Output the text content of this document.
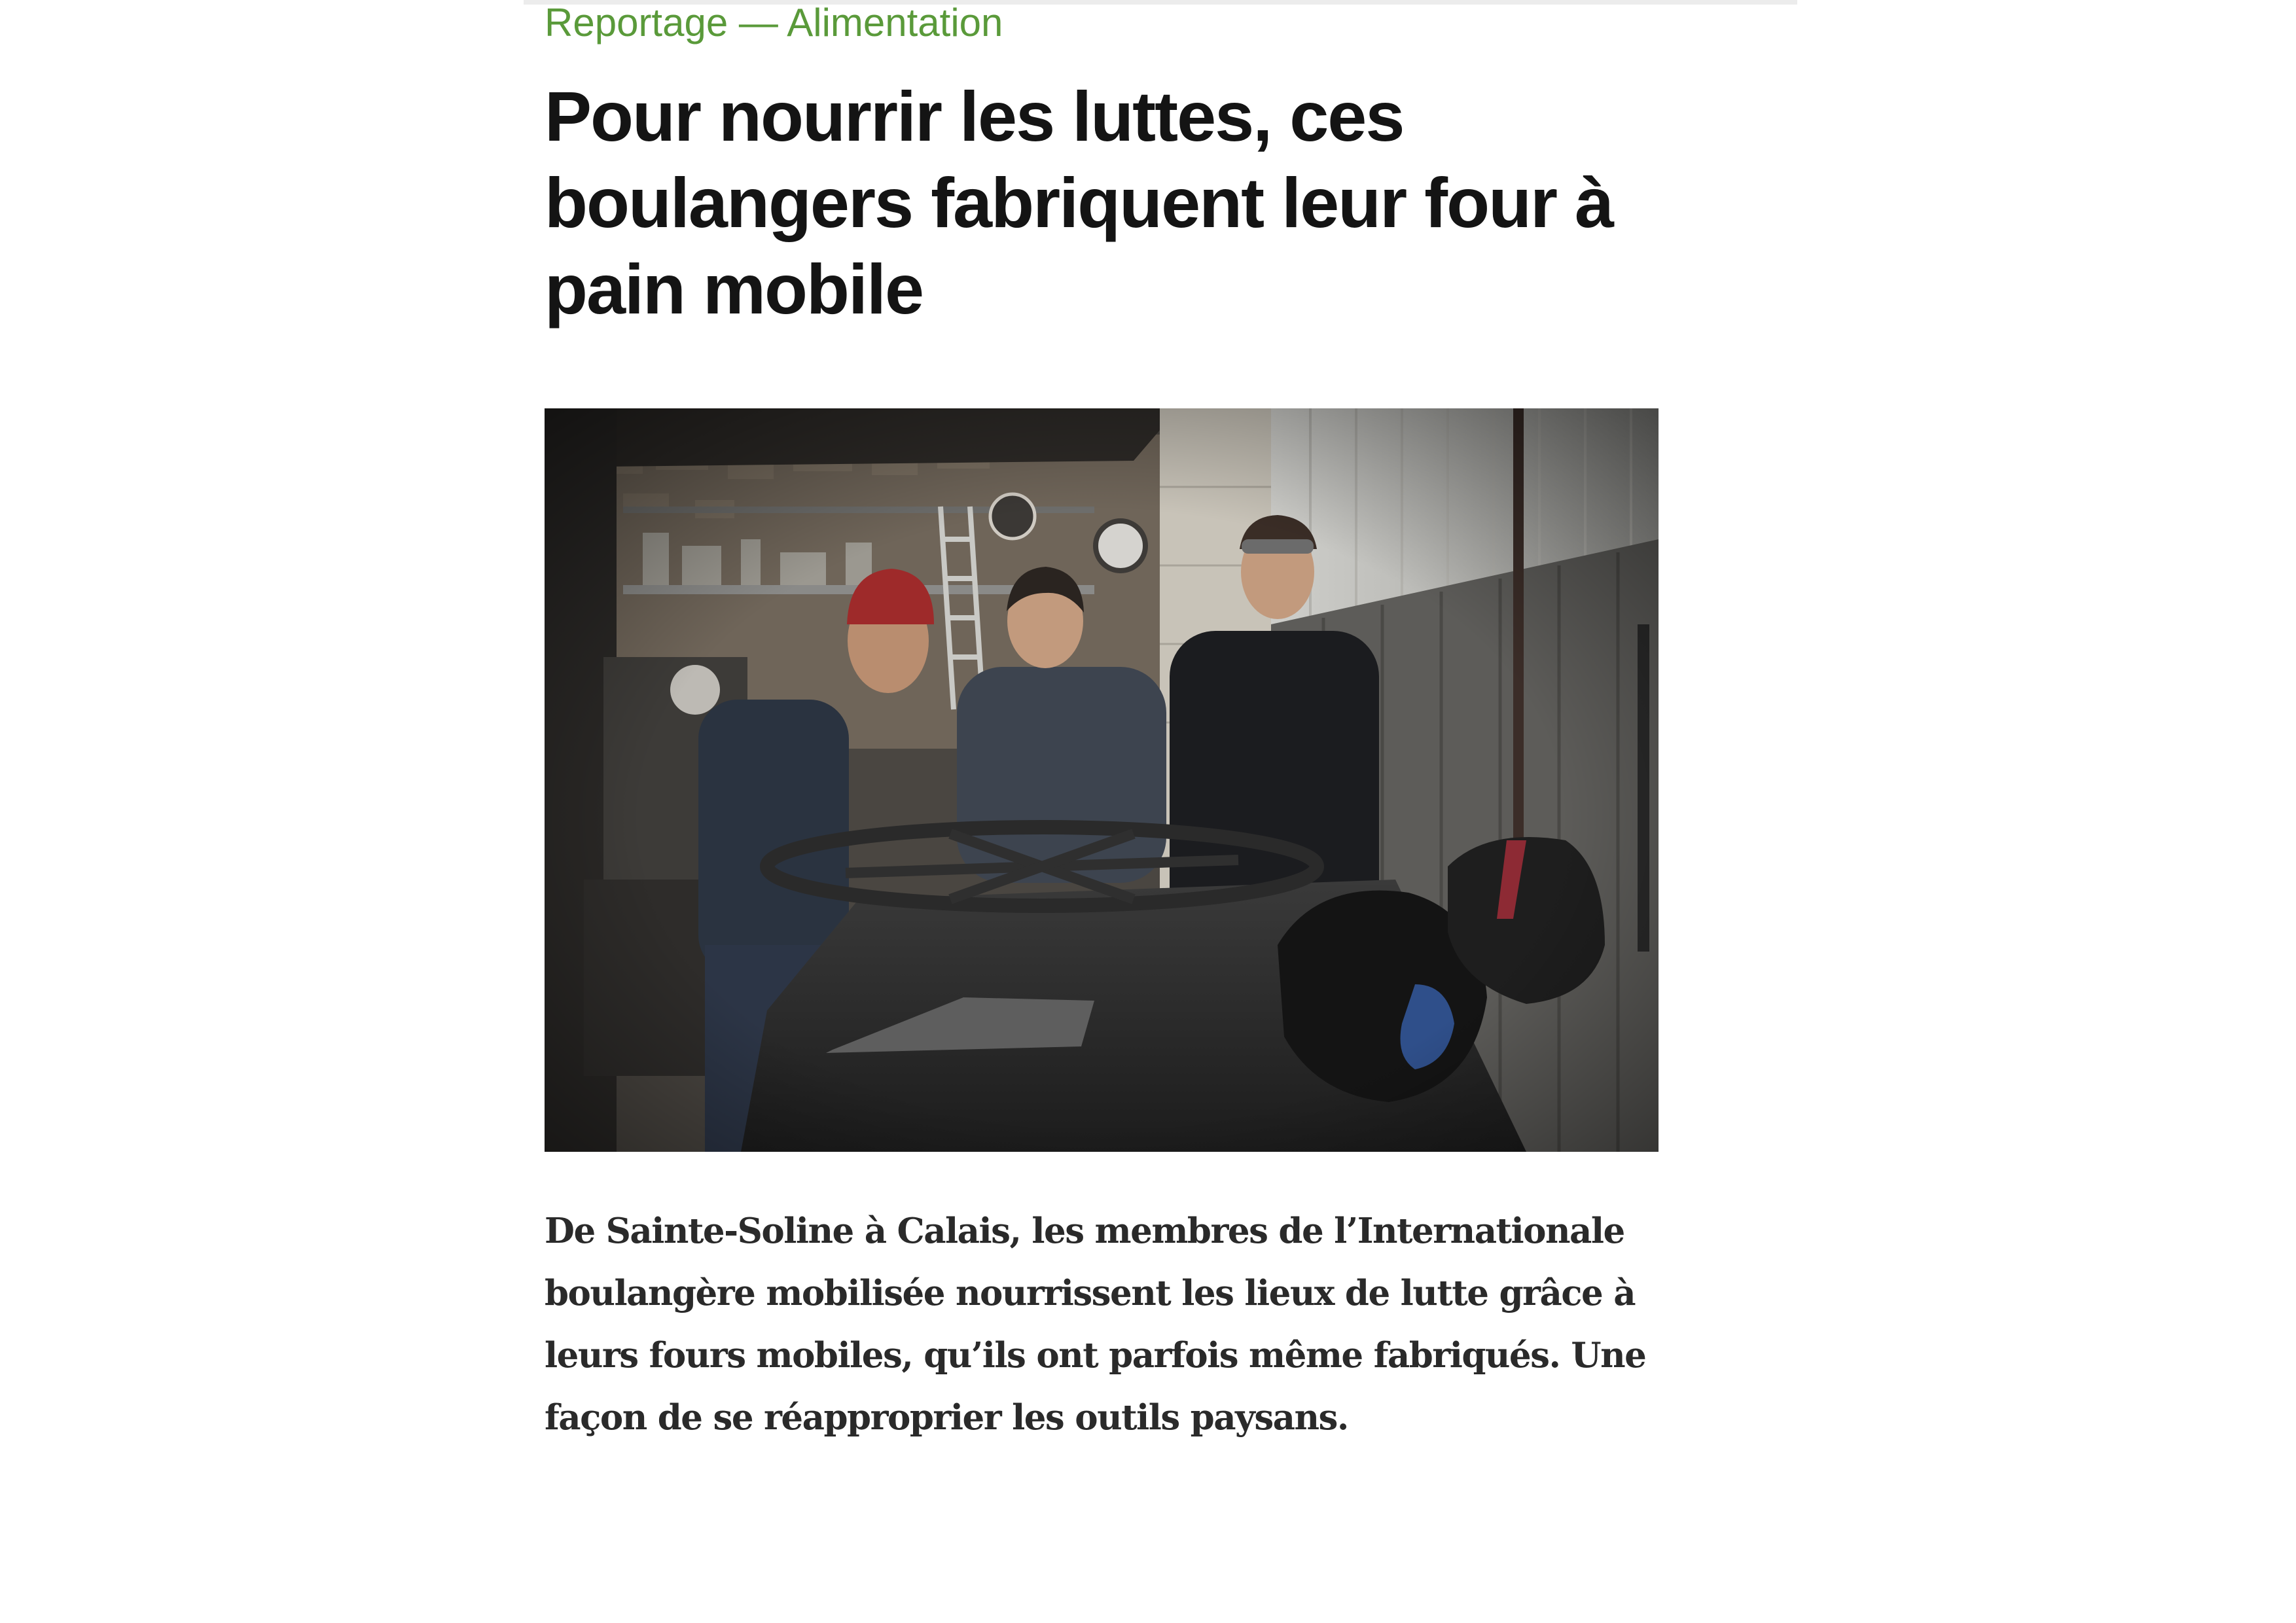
Reportage — Alimentation
Pour nourrir les luttes, ces boulangers fabriquent leur four à pain mobile

De Sainte-Soline à Calais, les membres de l’Internationale boulangère mobilisée nourrissent les lieux de lutte grâce à leurs fours mobiles, qu’ils ont parfois même fabriqués. Une façon de se réapproprier les outils paysans.
